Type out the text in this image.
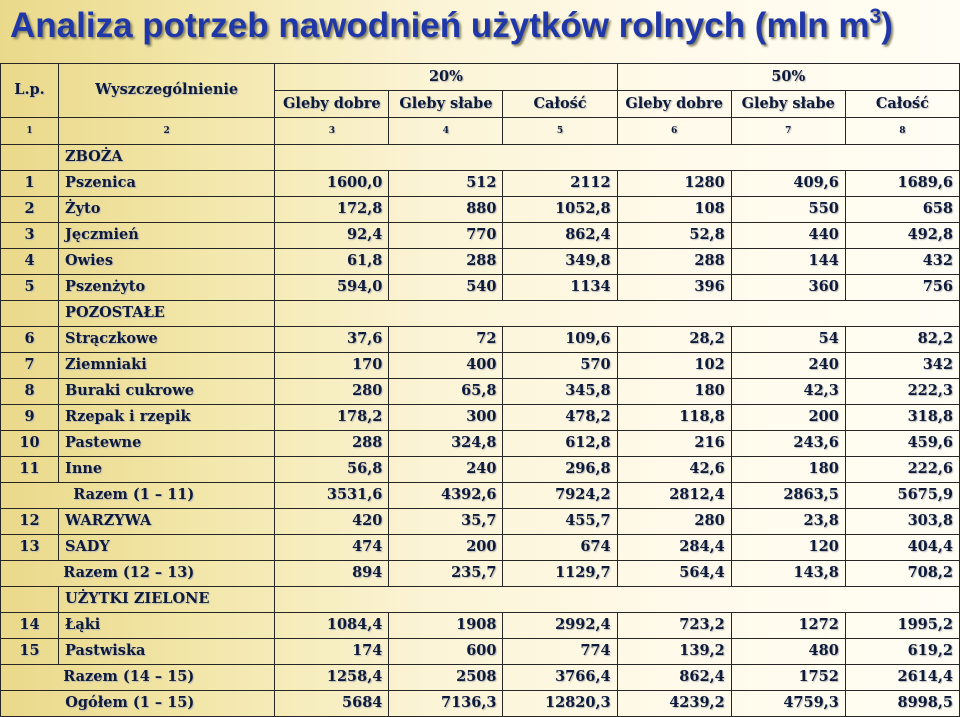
Analiza potrzeb nawodnień użytków rolnych (mln $m^3$)
L.p.	Wyszczególnienie	20%			50%		
		Gleby dobre	Gleby słabe	Całość	Gleby dobre	Gleby słabe	Całość
1	2	3	4	5	6	7	8
	ZBOŻA						
1	Pszenica	1600,0	512	2112	1280	409,6	1689,6
2	Żyto	172,8	880	1052,8	108	550	658
3	Jęczmień	92,4	770	862,4	52,8	440	492,8
4	Owies	61,8	288	349,8	288	144	432
5	Pszenżyto	594,0	540	1134	396	360	756
	POZOSTAŁE						
6	Strączkowe	37,6	72	109,6	28,2	54	82,2
7	Ziemniaki	170	400	570	102	240	342
8	Buraki cukrowe	280	65,8	345,8	180	42,3	222,3
9	Rzepak i rzepik	178,2	300	478,2	118,8	200	318,8
10	Pastewne	288	324,8	612,8	216	243,6	459,6
11	Inne	56,8	240	296,8	42,6	180	222,6
Razem (1 – 11)		3531,6	4392,6	7924,2	2812,4	2863,5	5675,9
12	WARZYWA	420	35,7	455,7	280	23,8	303,8
13	SADY	474	200	674	284,4	120	404,4
Razem (12 – 13)		894	235,7	1129,7	564,4	143,8	708,2
	UŻYTKI ZIELONE						
14	Łąki	1084,4	1908	2992,4	723,2	1272	1995,2
15	Pastwiska	174	600	774	139,2	480	619,2
Razem (14 – 15)		1258,4	2508	3766,4	862,4	1752	2614,4
Ogółem (1 – 15)		5684	7136,3	12820,3	4239,2	4759,3	8998,5
